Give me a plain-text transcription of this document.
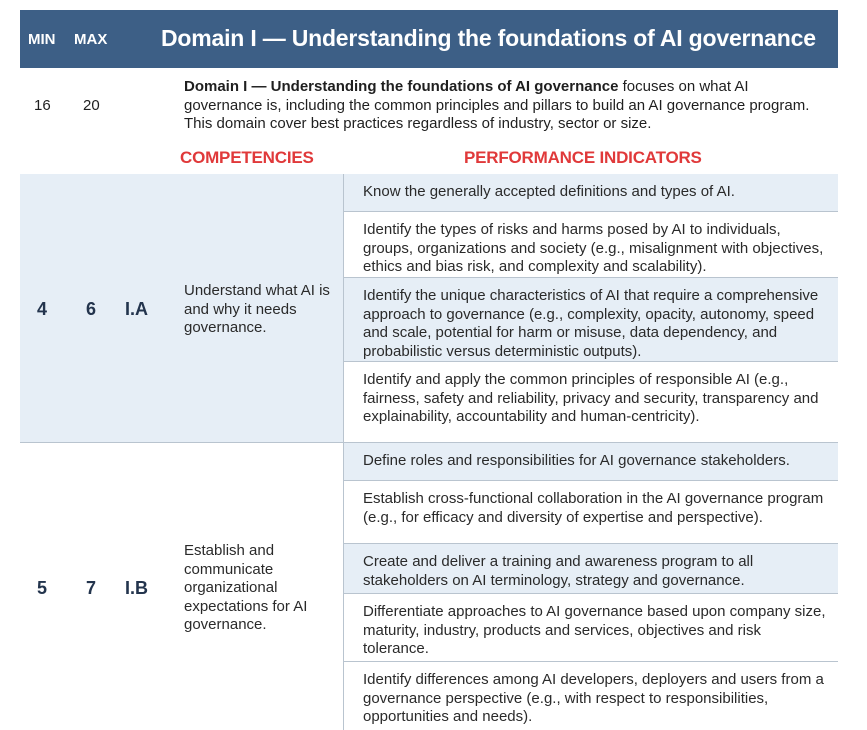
MIN MAX Domain I — Understanding the foundations of AI governance
16 20
Domain I — Understanding the foundations of AI governance focuses on what AI governance is, including the common principles and pillars to build an AI governance program. This domain cover best practices regardless of industry, sector or size.
COMPETENCIES	PERFORMANCE INDICATORS
4 6 I.A
Understand what AI is and why it needs governance.
Know the generally accepted definitions and types of AI.
Identify the types of risks and harms posed by AI to individuals, groups, organizations and society (e.g., misalignment with objectives, ethics and bias risk, and complexity and scalability).
Identify the unique characteristics of AI that require a comprehensive approach to governance (e.g., complexity, opacity, autonomy, speed and scale, potential for harm or misuse, data dependency, and probabilistic versus deterministic outputs).
Identify and apply the common principles of responsible AI (e.g., fairness, safety and reliability, privacy and security, transparency and explainability, accountability and human-centricity).
5 7 I.B
Establish and communicate organizational expectations for AI governance.
Define roles and responsibilities for AI governance stakeholders.
Establish cross-functional collaboration in the AI governance program (e.g., for efficacy and diversity of expertise and perspective).
Create and deliver a training and awareness program to all stakeholders on AI terminology, strategy and governance.
Differentiate approaches to AI governance based upon company size, maturity, industry, products and services, objectives and risk tolerance.
Identify differences among AI developers, deployers and users from a governance perspective (e.g., with respect to responsibilities, opportunities and needs).
